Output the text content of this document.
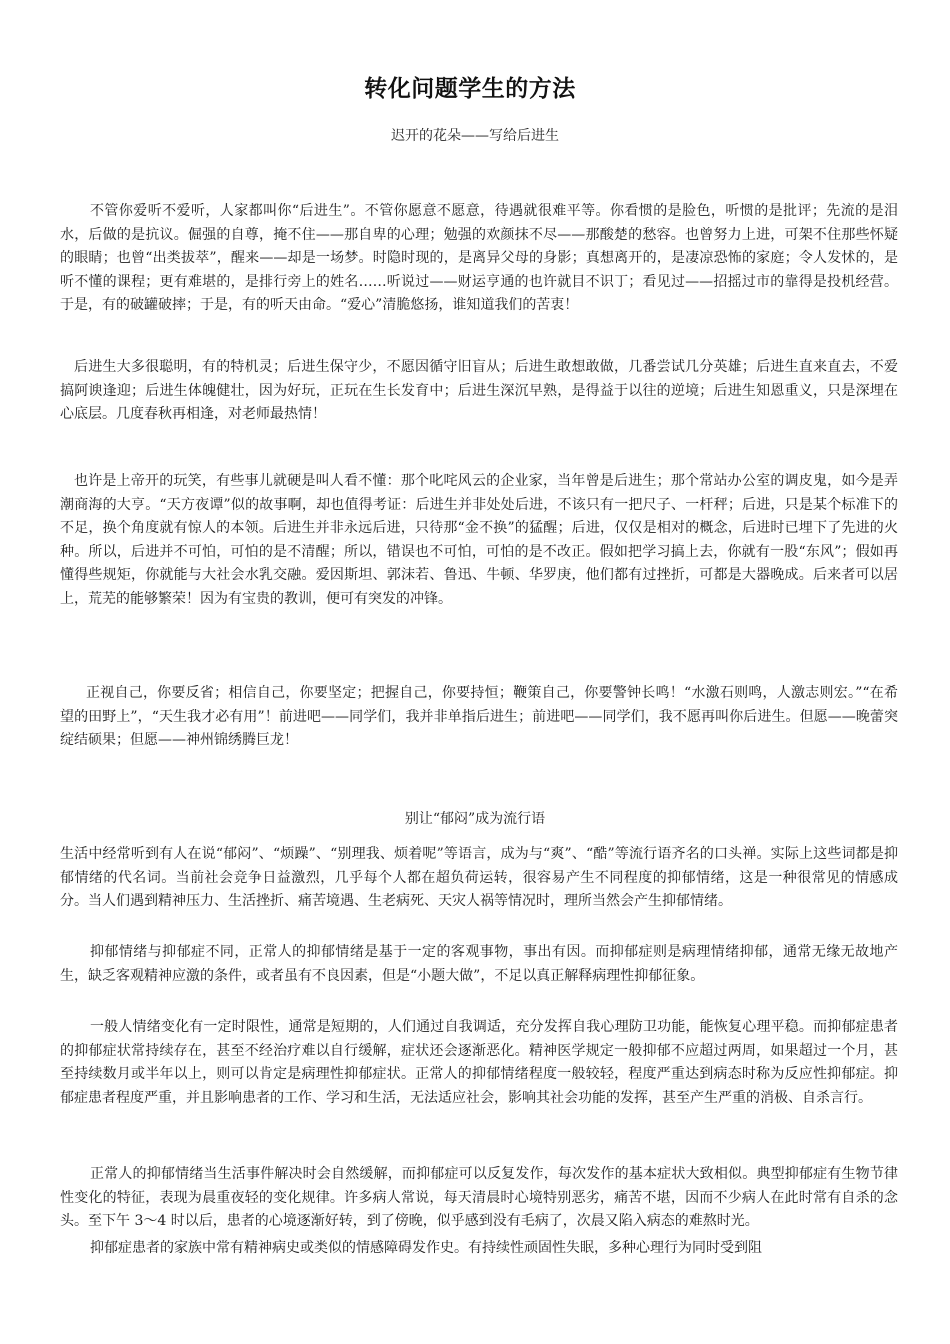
转化问题学生的方法
迟开的花朵——写给后进生

不管你爱听不爱听，人家都叫你“后进生”。不管你愿意不愿意，待遇就很难平等。你看惯的是脸色，听惯的是批评；先流的是泪水，后做的是抗议。倔强的自尊，掩不住——那自卑的心理；勉强的欢颜抹不尽——那酸楚的愁容。也曾努力上进，可架不住那些怀疑的眼睛；也曾“出类拔萃”，醒来——却是一场梦。时隐时现的，是离异父母的身影；真想离开的，是凄凉恐怖的家庭；令人发怵的，是听不懂的课程；更有难堪的，是排行旁上的姓名……听说过——财运亨通的也许就目不识丁；看见过——招摇过市的靠得是投机经营。于是，有的破罐破摔；于是，有的听天由命。“爱心”清脆悠扬，谁知道我们的苦衷！

后进生大多很聪明，有的特机灵；后进生保守少，不愿因循守旧盲从；后进生敢想敢做，几番尝试几分英雄；后进生直来直去，不爱搞阿谀逢迎；后进生体魄健壮，因为好玩，正玩在生长发育中；后进生深沉早熟，是得益于以往的逆境；后进生知恩重义，只是深埋在心底层。几度春秋再相逢，对老师最热情！

也许是上帝开的玩笑，有些事儿就硬是叫人看不懂：那个叱咤风云的企业家，当年曾是后进生；那个常站办公室的调皮鬼，如今是弄潮商海的大亨。“天方夜谭”似的故事啊，却也值得考证：后进生并非处处后进，不该只有一把尺子、一杆秤；后进，只是某个标准下的不足，换个角度就有惊人的本领。后进生并非永远后进，只待那“金不换”的猛醒；后进，仅仅是相对的概念，后进时已埋下了先进的火种。所以，后进并不可怕，可怕的是不清醒；所以，错误也不可怕，可怕的是不改正。假如把学习搞上去，你就有一股“东风”；假如再懂得些规矩，你就能与大社会水乳交融。爱因斯坦、郭沫若、鲁迅、牛顿、华罗庚，他们都有过挫折，可都是大器晚成。后来者可以居上，荒芜的能够繁荣！因为有宝贵的教训，便可有突发的冲锋。

正视自己，你要反省；相信自己，你要坚定；把握自己，你要持恒；鞭策自己，你要警钟长鸣！“水激石则鸣，人激志则宏。”“在希望的田野上”，“天生我才必有用”！前进吧——同学们，我并非单指后进生；前进吧——同学们，我不愿再叫你后进生。但愿——晚蕾突绽结硕果；但愿——神州锦绣腾巨龙！

别让“郁闷”成为流行语

生活中经常听到有人在说“郁闷”、“烦躁”、“别理我、烦着呢”等语言，成为与“爽”、“酷”等流行语齐名的口头禅。实际上这些词都是抑郁情绪的代名词。当前社会竞争日益激烈，几乎每个人都在超负荷运转，很容易产生不同程度的抑郁情绪，这是一种很常见的情感成分。当人们遇到精神压力、生活挫折、痛苦境遇、生老病死、天灾人祸等情况时，理所当然会产生抑郁情绪。

抑郁情绪与抑郁症不同，正常人的抑郁情绪是基于一定的客观事物，事出有因。而抑郁症则是病理情绪抑郁，通常无缘无故地产生，缺乏客观精神应激的条件，或者虽有不良因素，但是“小题大做”，不足以真正解释病理性抑郁征象。

一般人情绪变化有一定时限性，通常是短期的，人们通过自我调适，充分发挥自我心理防卫功能，能恢复心理平稳。而抑郁症患者的抑郁症状常持续存在，甚至不经治疗难以自行缓解，症状还会逐渐恶化。精神医学规定一般抑郁不应超过两周，如果超过一个月，甚至持续数月或半年以上，则可以肯定是病理性抑郁症状。正常人的抑郁情绪程度一般较轻，程度严重达到病态时称为反应性抑郁症。抑郁症患者程度严重，并且影响患者的工作、学习和生活，无法适应社会，影响其社会功能的发挥，甚至产生严重的消极、自杀言行。

正常人的抑郁情绪当生活事件解决时会自然缓解，而抑郁症可以反复发作，每次发作的基本症状大致相似。典型抑郁症有生物节律性变化的特征，表现为晨重夜轻的变化规律。许多病人常说，每天清晨时心境特别恶劣，痛苦不堪，因而不少病人在此时常有自杀的念头。至下午 3～4 时以后，患者的心境逐渐好转，到了傍晚，似乎感到没有毛病了，次晨又陷入病态的难熬时光。

抑郁症患者的家族中常有精神病史或类似的情感障碍发作史。有持续性顽固性失眠，多种心理行为同时受到阻
